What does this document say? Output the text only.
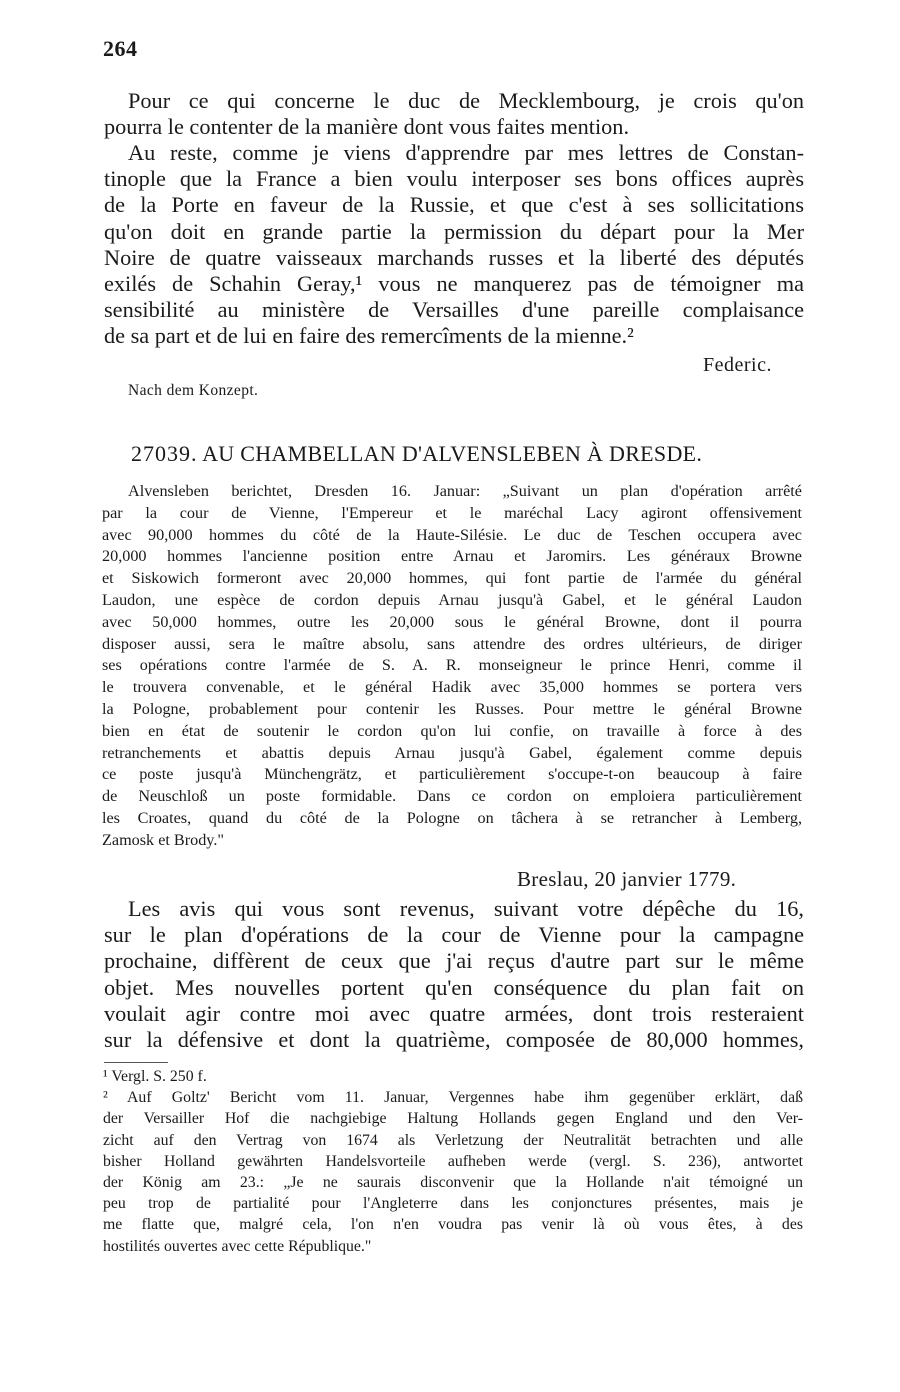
264
Pour ce qui concerne le duc de Mecklembourg, je crois qu'on
pourra le contenter de la manière dont vous faites mention.
Au reste, comme je viens d'apprendre par mes lettres de Constan-
tinople que la France a bien voulu interposer ses bons offices auprès
de la Porte en faveur de la Russie, et que c'est à ses sollicitations
qu'on doit en grande partie la permission du départ pour la Mer
Noire de quatre vaisseaux marchands russes et la liberté des députés
exilés de Schahin Geray,¹ vous ne manquerez pas de témoigner ma
sensibilité au ministère de Versailles d'une pareille complaisance
de sa part et de lui en faire des remercîments de la mienne.²
Federic.
Nach dem Konzept.
27039. AU CHAMBELLAN D'ALVENSLEBEN À DRESDE.
Alvensleben berichtet, Dresden 16. Januar: „Suivant un plan d'opération arrêté
par la cour de Vienne, l'Empereur et le maréchal Lacy agiront offensivement
avec 90,000 hommes du côté de la Haute-Silésie. Le duc de Teschen occupera avec
20,000 hommes l'ancienne position entre Arnau et Jaromirs. Les généraux Browne
et Siskowich formeront avec 20,000 hommes, qui font partie de l'armée du général
Laudon, une espèce de cordon depuis Arnau jusqu'à Gabel, et le général Laudon
avec 50,000 hommes, outre les 20,000 sous le général Browne, dont il pourra
disposer aussi, sera le maître absolu, sans attendre des ordres ultérieurs, de diriger
ses opérations contre l'armée de S. A. R. monseigneur le prince Henri, comme il
le trouvera convenable, et le général Hadik avec 35,000 hommes se portera vers
la Pologne, probablement pour contenir les Russes. Pour mettre le général Browne
bien en état de soutenir le cordon qu'on lui confie, on travaille à force à des
retranchements et abattis depuis Arnau jusqu'à Gabel, également comme depuis
ce poste jusqu'à Münchengrätz, et particulièrement s'occupe-t-on beaucoup à faire
de Neuschloß un poste formidable. Dans ce cordon on emploiera particulièrement
les Croates, quand du côté de la Pologne on tâchera à se retrancher à Lemberg,
Zamosk et Brody."
Breslau, 20 janvier 1779.
Les avis qui vous sont revenus, suivant votre dépêche du 16,
sur le plan d'opérations de la cour de Vienne pour la campagne
prochaine, diffèrent de ceux que j'ai reçus d'autre part sur le même
objet. Mes nouvelles portent qu'en conséquence du plan fait on
voulait agir contre moi avec quatre armées, dont trois resteraient
sur la défensive et dont la quatrième, composée de 80,000 hommes,
¹ Vergl. S. 250 f.
² Auf Goltz' Bericht vom 11. Januar, Vergennes habe ihm gegenüber erklärt, daß
der Versailler Hof die nachgiebige Haltung Hollands gegen England und den Ver-
zicht auf den Vertrag von 1674 als Verletzung der Neutralität betrachten und alle
bisher Holland gewährten Handelsvorteile aufheben werde (vergl. S. 236), antwortet
der König am 23.: „Je ne saurais disconvenir que la Hollande n'ait témoigné un
peu trop de partialité pour l'Angleterre dans les conjonctures présentes, mais je
me flatte que, malgré cela, l'on n'en voudra pas venir là où vous êtes, à des
hostilités ouvertes avec cette République."
